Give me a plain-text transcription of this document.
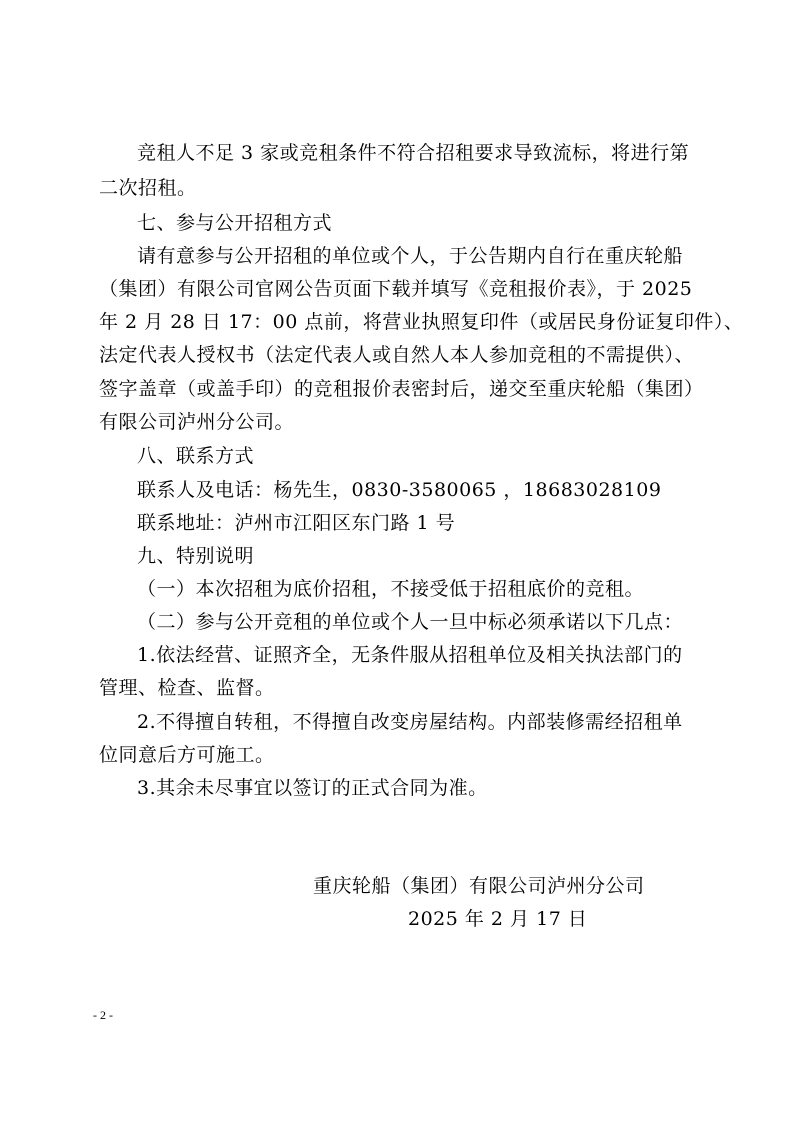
竞租人不足 3 家或竞租条件不符合招租要求导致流标，将进行第
二次招租。
七、参与公开招租方式
请有意参与公开招租的单位或个人，于公告期内自行在重庆轮船
（集团）有限公司官网公告页面下载并填写《竞租报价表》，于 2025
年 2 月 28 日 17：00 点前，将营业执照复印件（或居民身份证复印件）、
法定代表人授权书（法定代表人或自然人本人参加竞租的不需提供）、
签字盖章（或盖手印）的竞租报价表密封后，递交至重庆轮船（集团）
有限公司泸州分公司。
八、联系方式
联系人及电话：杨先生，0830-3580065 ，18683028109
联系地址：泸州市江阳区东门路 1 号
九、特别说明
（一）本次招租为底价招租，不接受低于招租底价的竞租。
（二）参与公开竞租的单位或个人一旦中标必须承诺以下几点：
1.依法经营、证照齐全，无条件服从招租单位及相关执法部门的
管理、检查、监督。
2.不得擅自转租，不得擅自改变房屋结构。内部装修需经招租单
位同意后方可施工。
3.其余未尽事宜以签订的正式合同为准。
重庆轮船（集团）有限公司泸州分公司
2025 年 2 月 17 日
- 2 -
